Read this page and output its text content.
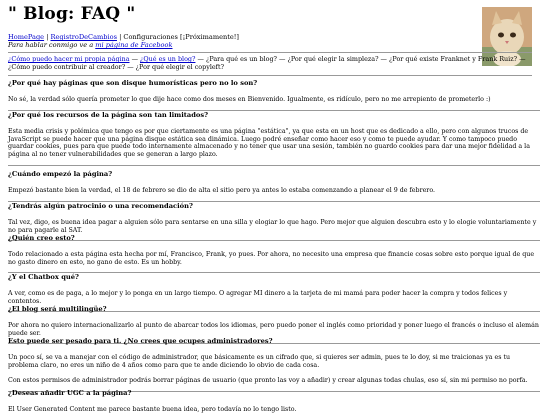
" Blog: FAQ "
HomePage | RegistroDeCambios | Configuraciones [¡Próximamente!]
Para hablar conmigo ve a mi página de Facebook
¿Cómo puedo hacer mi propia página — ¿Qué es un blog? — ¿Para qué es un blog? — ¿Por qué elegir la simpleza? — ¿Por qué existe Franknet y Frank Ruiz? — ¿Cómo puedo contribuir al creador? — ¿Por qué elegir el copyleft?
¿Por qué hay páginas que son disque humorísticas pero no lo son?

No sé, la verdad sólo quería prometer lo que dije hace como dos meses en Bienvenido. Igualmente, es ridículo, pero no me arrepiento de prometerlo :)

¿Por qué los recursos de la página son tan limitados?

Esta media crisis y polémica que tengo es por que ciertamente es una página "estática", ya que esta en un host que es dedicado a ello, pero con algunos trucos de JavaScript se puede hacer que una página disque estática sea dinámica. Luego podré enseñar como hacer eso y como te puede ayudar. Y como tampoco puedo guardar cookies, pues para que puede todo internamente almacenado y no tener que usar una sesión, también no guardo cookies para dar una mejor fidelidad a la página al no tener vulnerabilidades que se generan a largo plazo.

¿Cuándo empezó la página?

Empezó bastante bien la verdad, el 18 de febrero se dio de alta el sitio pero ya antes lo estaba comenzando a planear el 9 de febrero.

¿Tendrás algún patrocinio o una recomendación?

Tal vez, digo, es buena idea pagar a alguien sólo para sentarse en una silla y elogiar lo que hago. Pero mejor que alguien descubra esto y lo elogie voluntariamente y no para pagarle al SAT.

¿Quién creo esto?

Todo relacionado a esta página esta hecha por mí, Francisco, Frank, yo pues. Por ahora, no necesito una empresa que financie cosas sobre esto porque igual de que no gasto dinero en esto, no gano de esto. Es un hobby.

¿Y el Chatbox qué?

A ver, como es de paga, a lo mejor y lo ponga en un largo tiempo. O agregar MI dinero a la tarjeta de mi mamá para poder hacer la compra y todos felices y contentos.

¿El blog será multilingüe?

Por ahora no quiero internacionalizarlo al punto de abarcar todos los idiomas, pero puedo poner el inglés como prioridad y poner luego el francés o incluso el alemán puede ser.

Esto puede ser pesado para ti. ¿No crees que ocupes administradores?

Un poco sí, se va a manejar con el código de administrador, que básicamente es un cifrado que, si quieres ser admin, pues te lo doy, si me traicionas ya es tu problema claro, no eres un niño de 4 años como para que te ande diciendo lo obvio de cada cosa.

Con estos permisos de administrador podrás borrar páginas de usuario (que pronto las voy a añadir) y crear algunas todas chulas, eso sí, sin mi permiso no porfa.

¿Deseas añadir UGC a la página?

El User Generated Content me parece bastante buena idea, pero todavía no lo tengo listo.
